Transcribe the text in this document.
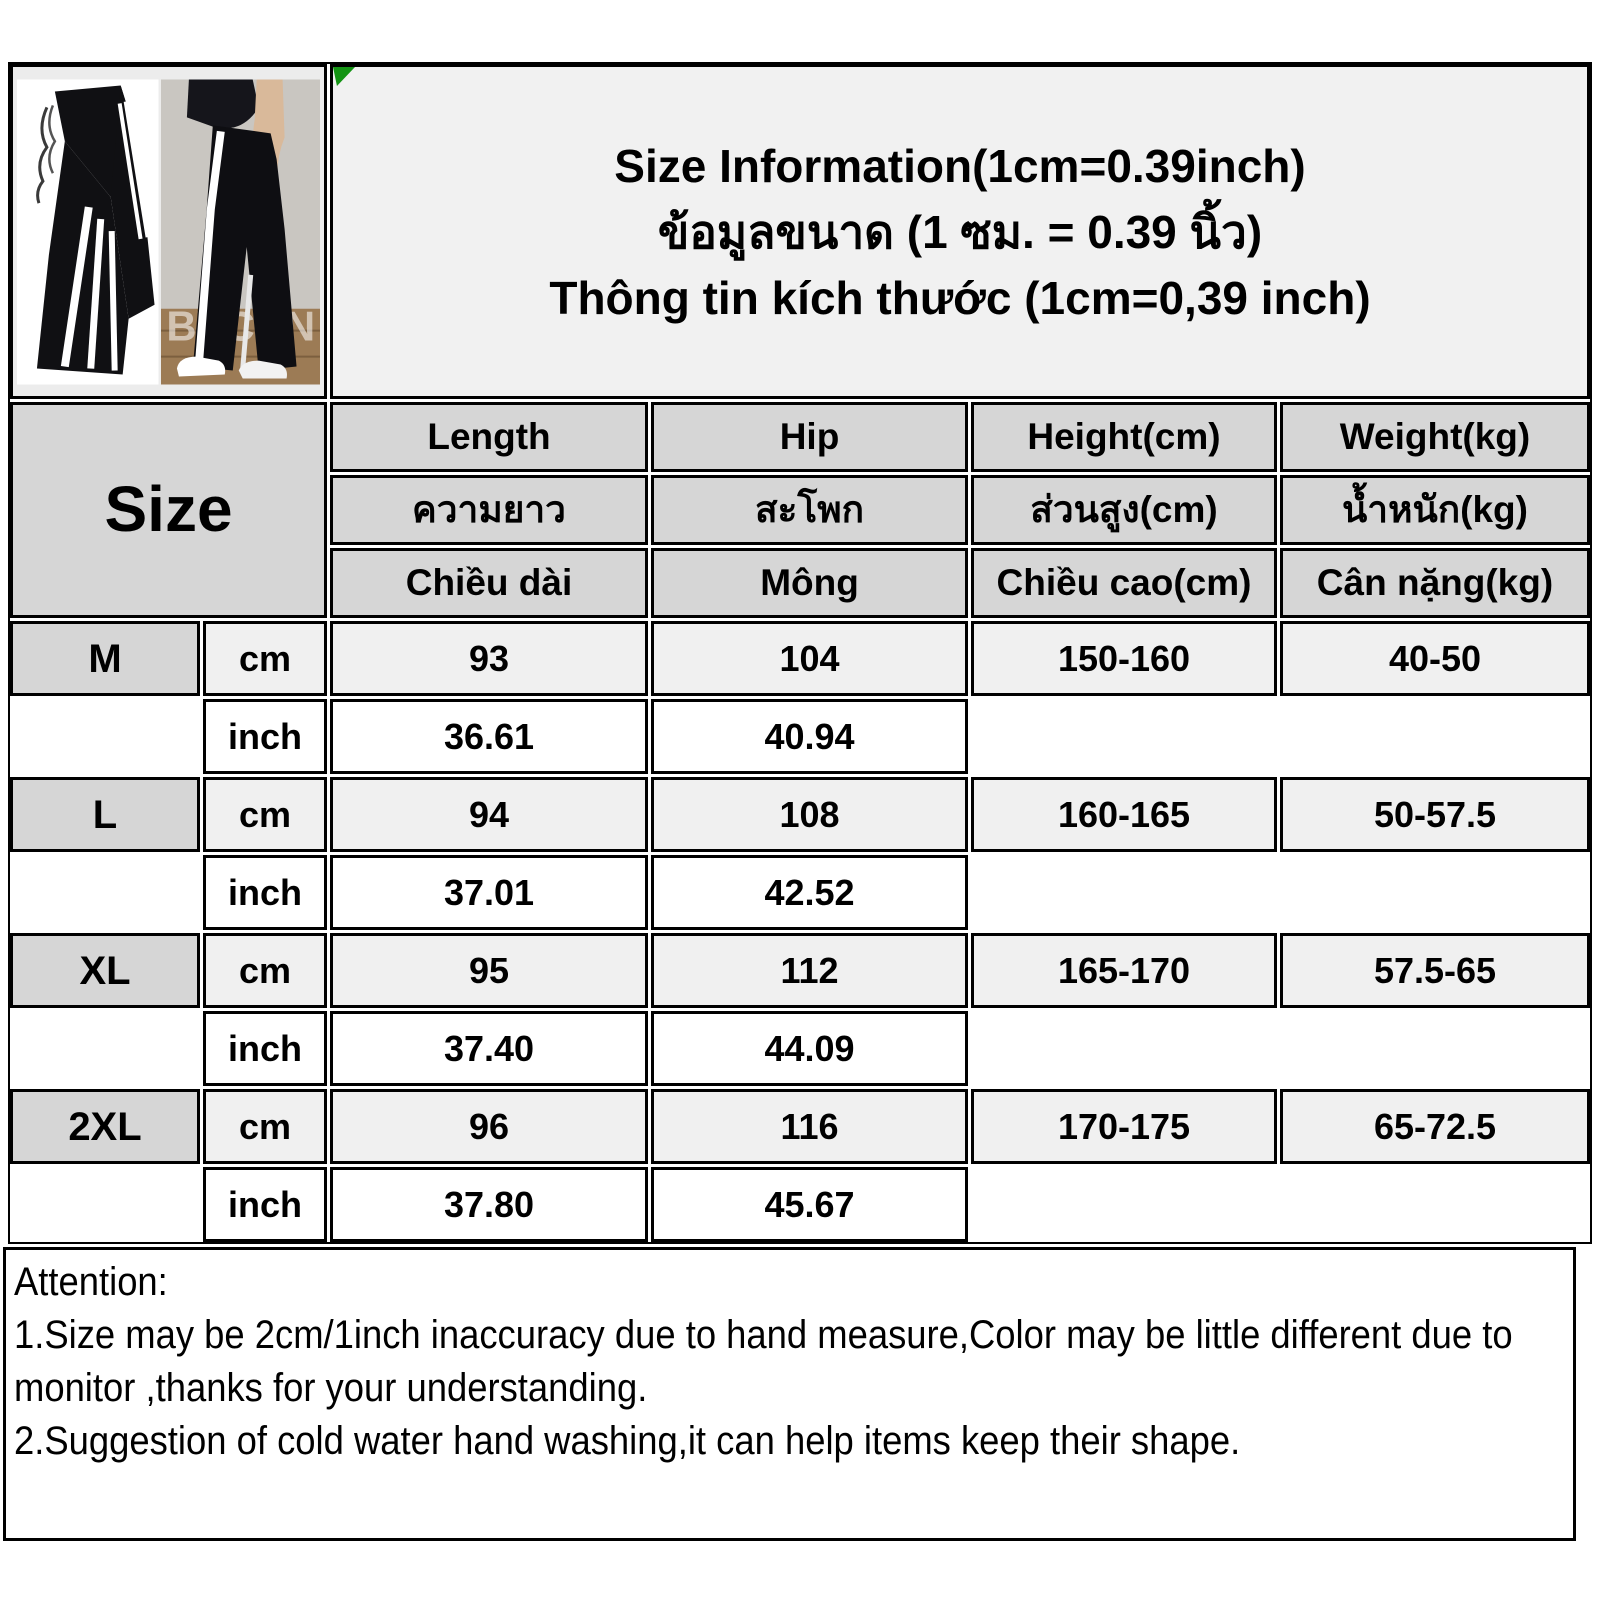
BYCAN
Size Information(1cm=0.39inch)
ข้อมูลขนาด (1 ซม. = 0.39 นิ้ว)
Thông tin kích thước (1cm=0,39 inch)
Size
Length	Hip	Height(cm)	Weight(kg)
ความยาว	สะโพก	ส่วนสูง(cm)	น้ำหนัก(kg)
Chiều dài	Mông	Chiều cao(cm)	Cân nặng(kg)
M	cm	93	104	150-160	40-50
inch	36.61	40.94
L	cm	94	108	160-165	50-57.5
inch	37.01	42.52
XL	cm	95	112	165-170	57.5-65
inch	37.40	44.09
2XL	cm	96	116	170-175	65-72.5
inch	37.80	45.67

Attention:

1.Size may be 2cm/1inch inaccuracy due to hand measure,Color may be little different due to monitor ,thanks for your understanding.

2.Suggestion of cold water hand washing,it can help items keep their shape.
